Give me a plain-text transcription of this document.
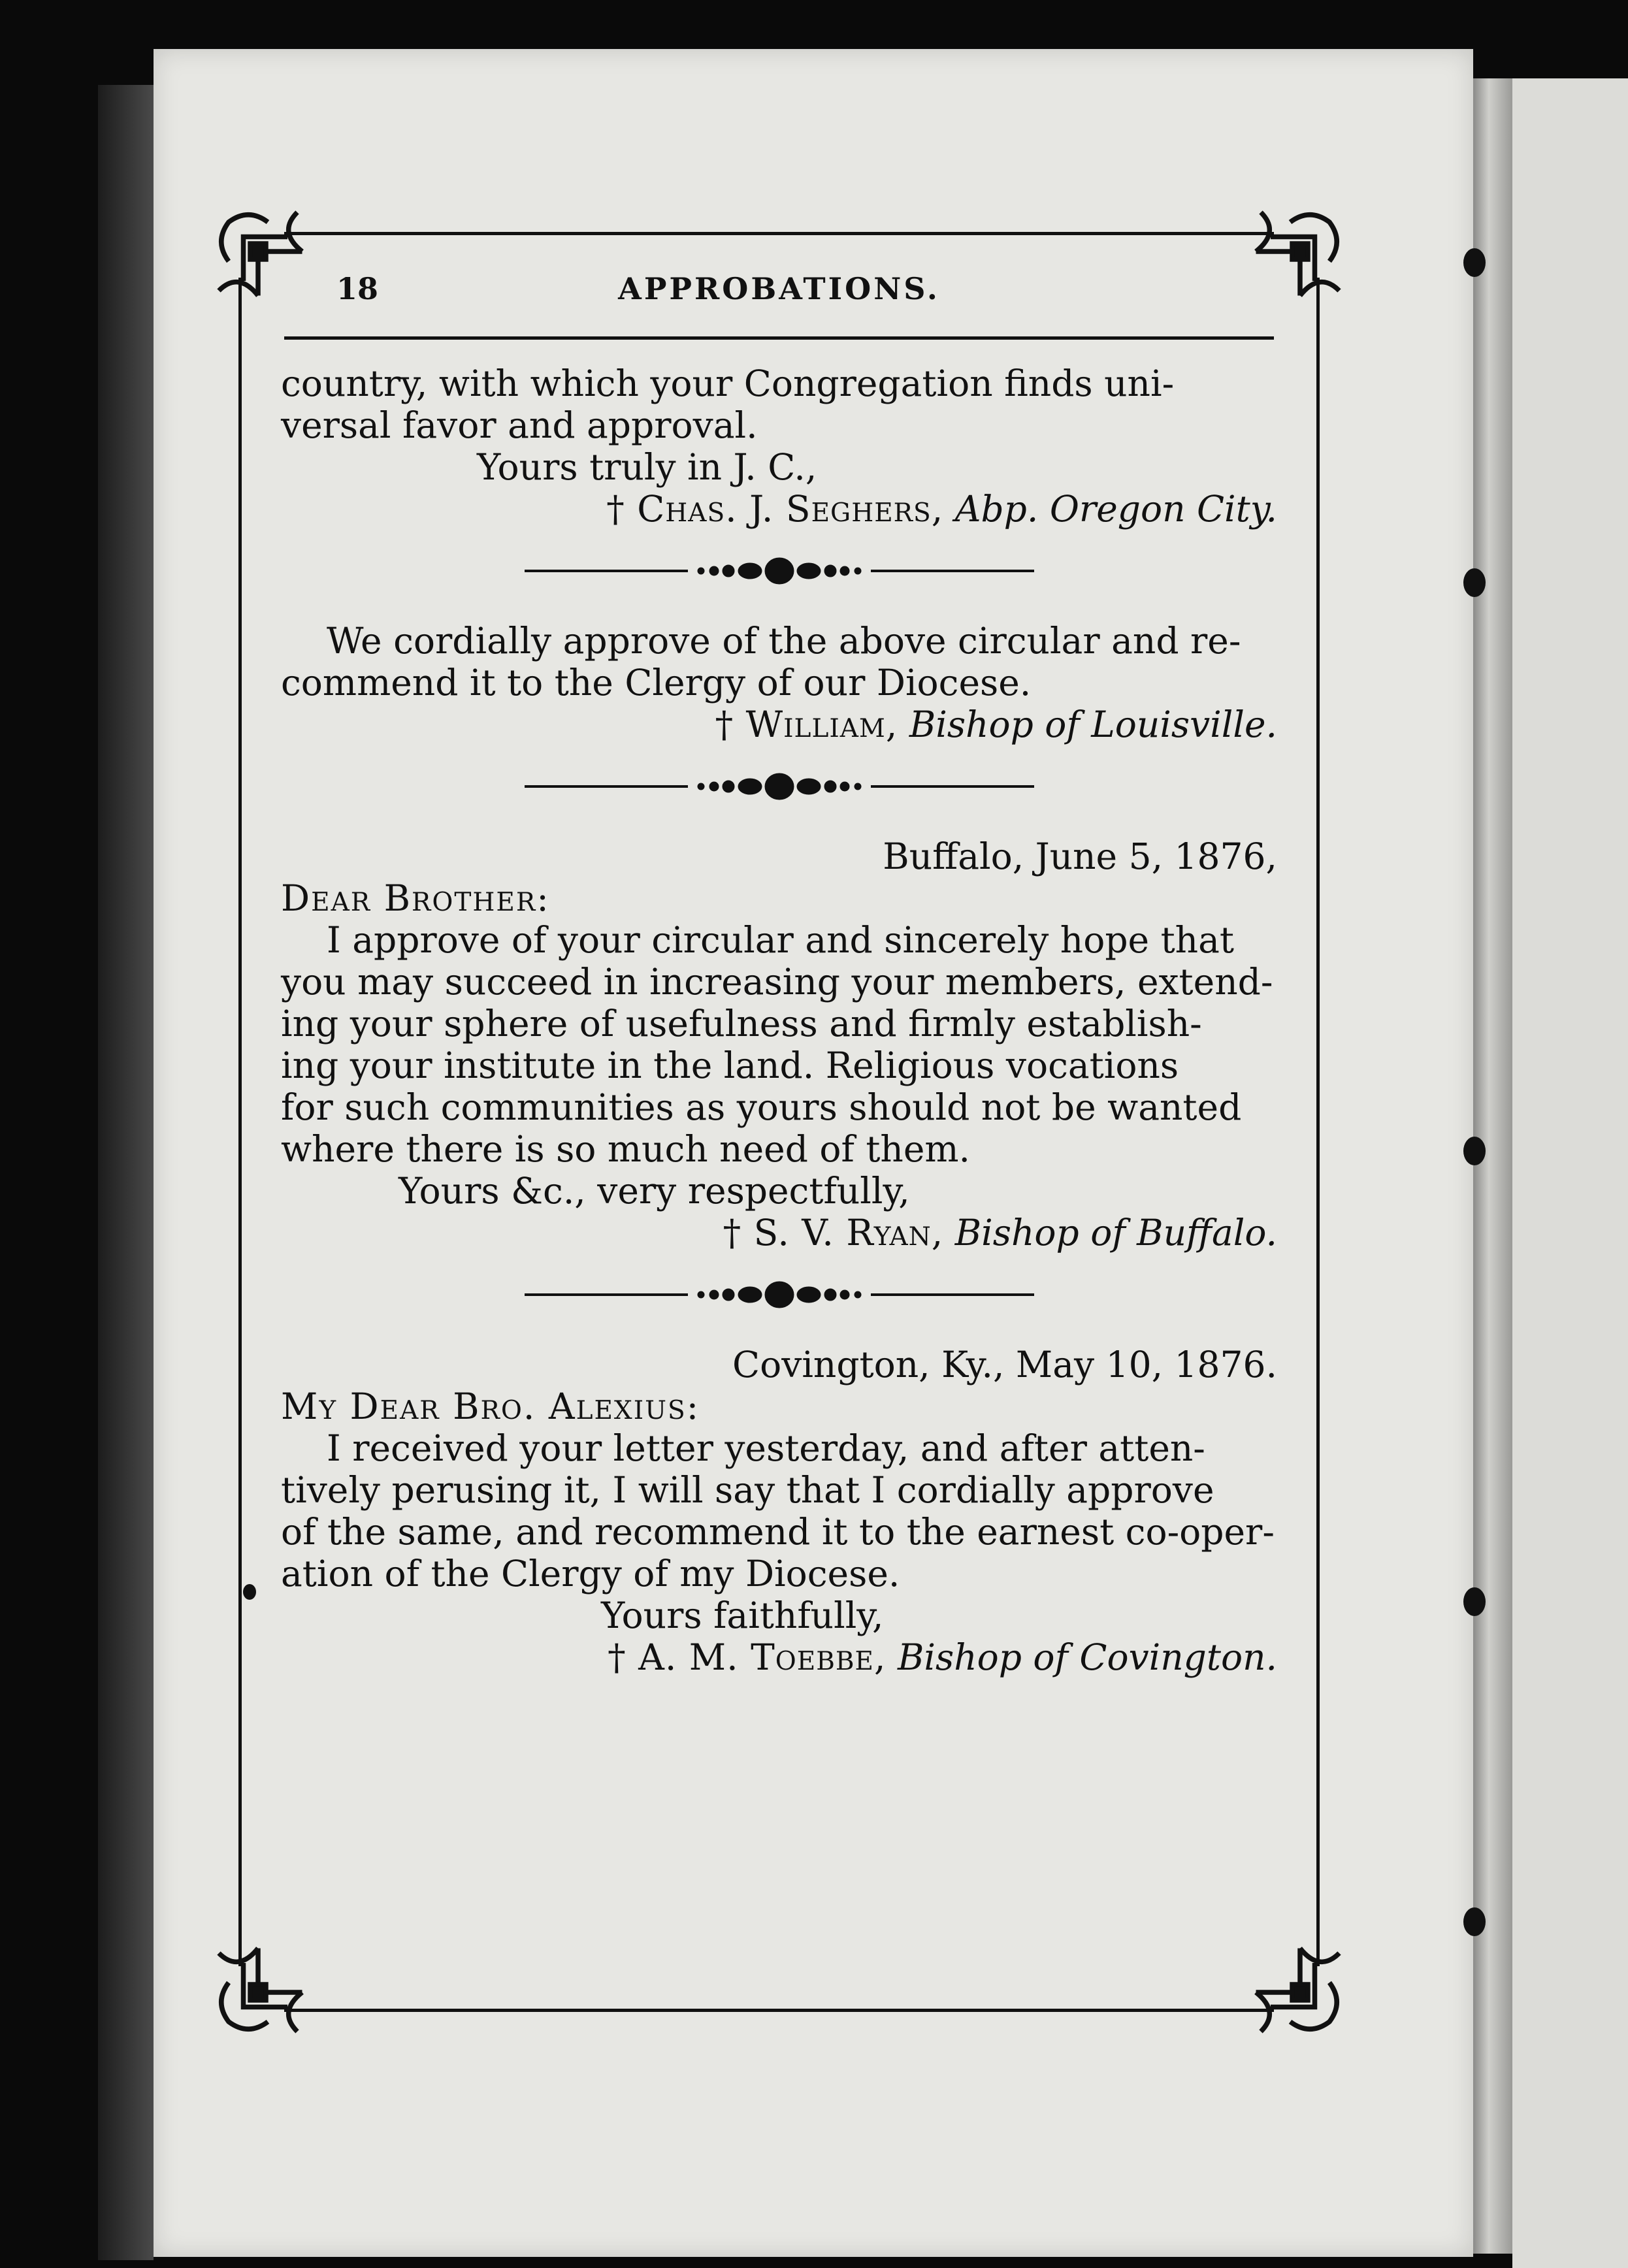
18	APPROBATIONS.

country, with which your Congregation finds uni-

versal favor and approval.

Yours truly in J. C.,

† Chas. J. Seghers, Abp. Oregon City.

We cordially approve of the above circular and re-

commend it to the Clergy of our Diocese.

† William, Bishop of Louisville.

Buffalo, June 5, 1876,

Dear Brother:

I approve of your circular and sincerely hope that

you may succeed in increasing your members, extend-

ing your sphere of usefulness and firmly establish-

ing your institute in the land. Religious vocations

for such communities as yours should not be wanted

where there is so much need of them.

Yours &c., very respectfully,

† S. V. Ryan, Bishop of Buffalo.

Covington, Ky., May 10, 1876.

My Dear Bro. Alexius:

I received your letter yesterday, and after atten-

tively perusing it, I will say that I cordially approve

of the same, and recommend it to the earnest co-oper-

ation of the Clergy of my Diocese.

Yours faithfully,

† A. M. Toebbe, Bishop of Covington.
